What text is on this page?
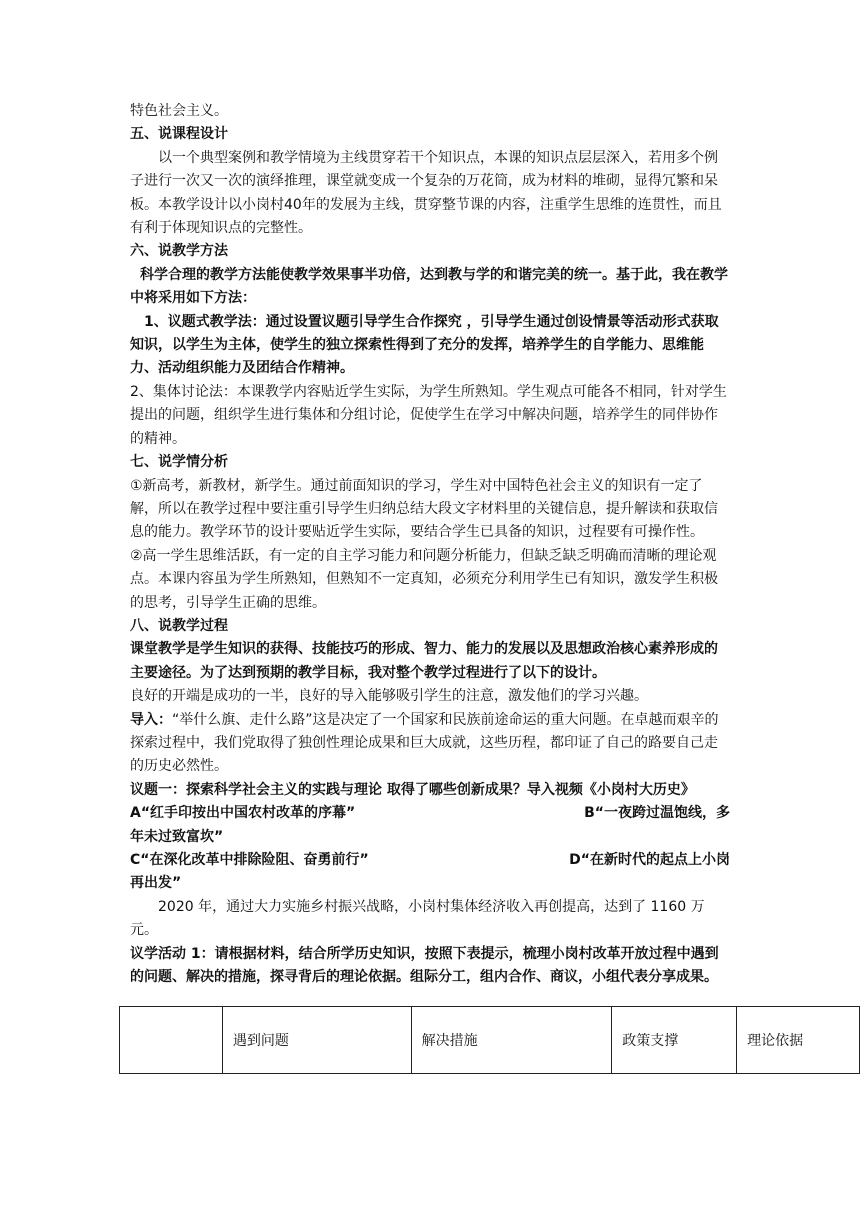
特色社会主义。

五、说课程设计

以一个典型案例和教学情境为主线贯穿若干个知识点，本课的知识点层层深入，若用多个例子进行一次又一次的演绎推理，课堂就变成一个复杂的万花筒，成为材料的堆砌，显得冗繁和呆板。本教学设计以小岗村40年的发展为主线，贯穿整节课的内容，注重学生思维的连贯性，而且有利于体现知识点的完整性。

六、说教学方法

科学合理的教学方法能使教学效果事半功倍，达到教与学的和谐完美的统一。基于此，我在教学中将采用如下方法：

1、议题式教学法：通过设置议题引导学生合作探究 ，引导学生通过创设情景等活动形式获取知识，以学生为主体，使学生的独立探索性得到了充分的发挥，培养学生的自学能力、思维能力、活动组织能力及团结合作精神。

2、集体讨论法：本课教学内容贴近学生实际，为学生所熟知。学生观点可能各不相同，针对学生提出的问题，组织学生进行集体和分组讨论，促使学生在学习中解决问题，培养学生的同伴协作的精神。

七、说学情分析

①新高考，新教材，新学生。通过前面知识的学习，学生对中国特色社会主义的知识有一定了解，所以在教学过程中要注重引导学生归纳总结大段文字材料里的关键信息，提升解读和获取信息的能力。教学环节的设计要贴近学生实际，要结合学生已具备的知识，过程要有可操作性。

②高一学生思维活跃，有一定的自主学习能力和问题分析能力，但缺乏缺乏明确而清晰的理论观点。本课内容虽为学生所熟知，但熟知不一定真知，必须充分利用学生已有知识，激发学生积极的思考，引导学生正确的思维。

八、说教学过程

课堂教学是学生知识的获得、技能技巧的形成、智力、能力的发展以及思想政治核心素养形成的主要途径。为了达到预期的教学目标，我对整个教学过程进行了以下的设计。

良好的开端是成功的一半，良好的导入能够吸引学生的注意，激发他们的学习兴趣。

导入：“举什么旗、走什么路”这是决定了一个国家和民族前途命运的重大问题。在卓越而艰辛的探索过程中，我们党取得了独创性理论成果和巨大成就，这些历程，都印证了自己的路要自己走的历史必然性。

议题一：探索科学社会主义的实践与理论 取得了哪些创新成果？导入视频《小岗村大历史》

A“红手印按出中国农村改革的序幕”	B“一夜跨过温饱线，多

年未过致富坎”

C“在深化改革中排除险阻、奋勇前行”	D“在新时代的起点上小岗

再出发”

2020 年，通过大力实施乡村振兴战略，小岗村集体经济收入再创提高，达到了 1160 万元。

议学活动 1：请根据材料，结合所学历史知识，按照下表提示，梳理小岗村改革开放过程中遇到的问题、解决的措施，探寻背后的理论依据。组际分工，组内合作、商议，小组代表分享成果。

	遇到问题	解决措施	政策支撑	理论依据
